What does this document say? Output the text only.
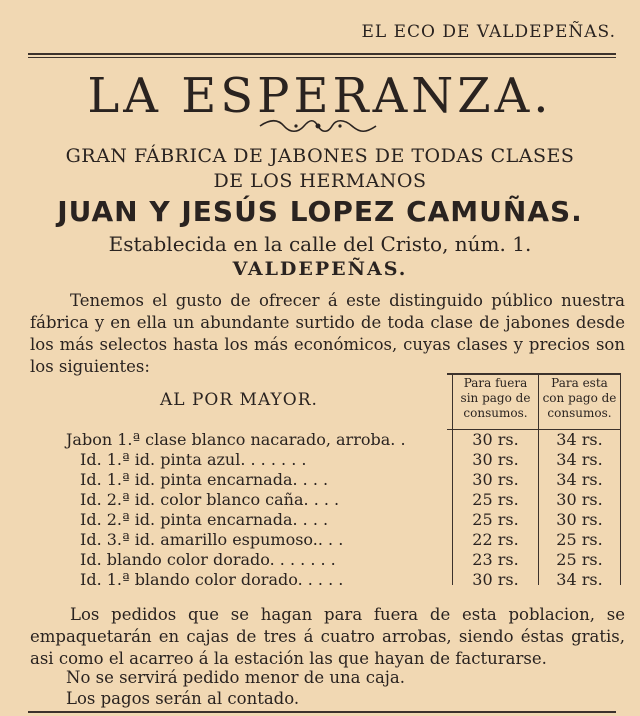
EL ECO DE VALDEPEÑAS.
LA ESPERANZA.
GRAN FÁBRICA DE JABONES DE TODAS CLASES
DE LOS HERMANOS
JUAN Y JESÚS LOPEZ CAMUÑAS.
Establecida en la calle del Cristo, núm. 1.
VALDEPEÑAS.
Tenemos el gusto de ofrecer á este distinguido público nuestra fábrica y en ella un abundante surtido de toda clase de jabones desde los más selectos hasta los más económicos, cuyas clases y precios son los siguientes:
AL POR MAYOR.
Para fuera
sin pago de
consumos.
Para esta
con pago de
consumos.
Jabon 1.ª clase blanco nacarado, arroba. .	30 rs.	34 rs.
Id. 1.ª id. pinta azul. . . . . . .	30 rs.	34 rs.
Id. 1.ª id. pinta encarnada. . . .	30 rs.	34 rs.
Id. 2.ª id. color blanco caña. . . .	25 rs.	30 rs.
Id. 2.ª id. pinta encarnada. . . .	25 rs.	30 rs.
Id. 3.ª id. amarillo espumoso.. . .	22 rs.	25 rs.
Id. blando color dorado. . . . . . .	23 rs.	25 rs.
Id. 1.ª blando color dorado. . . . .	30 rs.	34 rs.
Los pedidos que se hagan para fuera de esta poblacion, se empaquetarán en cajas de tres á cuatro arrobas, siendo éstas gratis, asi como el acarreo á la estación las que hayan de facturarse.
No se servirá pedido menor de una caja.
Los pagos serán al contado.
